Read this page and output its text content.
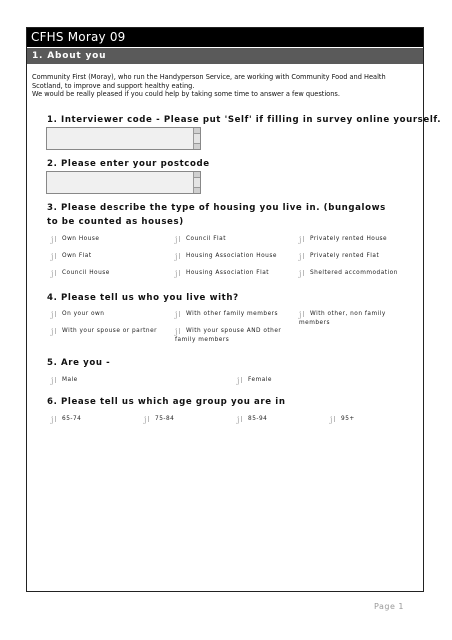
CFHS Moray 09
1. About you

Community First (Moray), who run the Handyperson Service, are working with Community Food and Health Scotland, to improve and support healthy eating.

We would be really pleased if you could help by taking some time to answer a few questions.

1. Interviewer code - Please put 'Self' if filling in survey online yourself.
2. Please enter your postcode
3. Please describe the type of housing you live in. (bungalows to be counted as houses)
j Own House j	Council Flat j	Privately rented House
j Own Flat j	Housing Association House j	Privately rented Flat
j Council House j	Housing Association Flat j	Sheltered accommodation
4. Please tell us who you live with?
j On your own j	With other family members j	With other, non family members
j With your spouse or partner j	With your spouse AND other family members
5. Are you -
j Male j	Female
6. Please tell us which age group you are in
j 65-74 j	75-84 j	85-94 j	95+
Page 1
